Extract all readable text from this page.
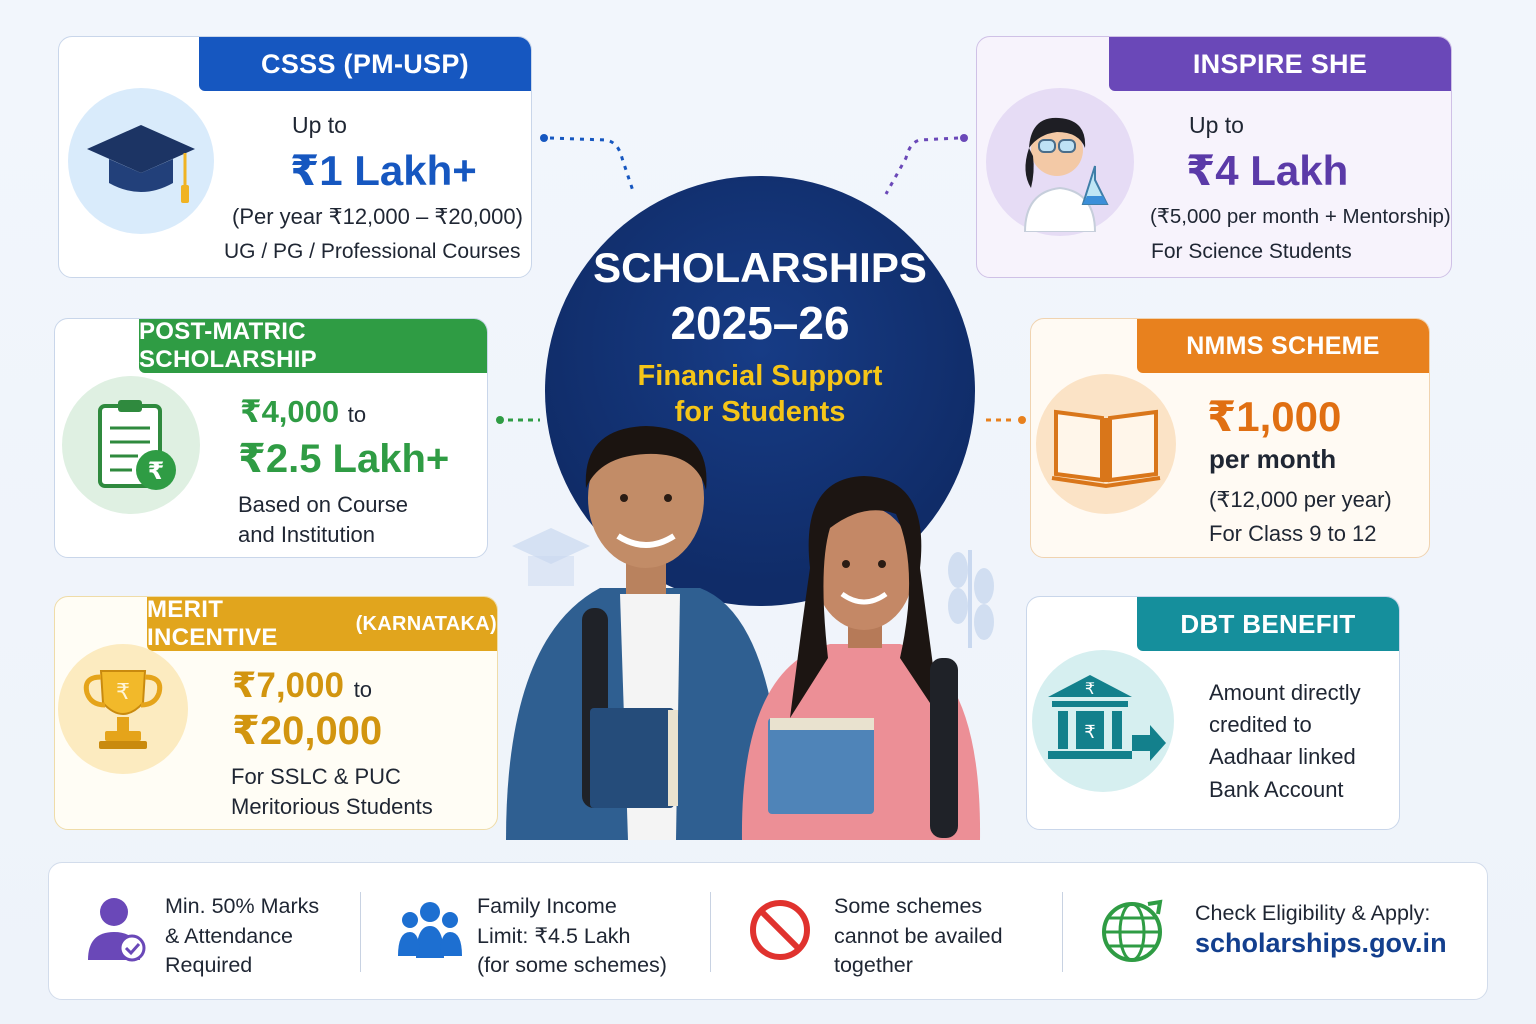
CSSS (PM-USP)
Up to
₹1 Lakh+
(Per year ₹12,000 – ₹20,000)
UG / PG / Professional Courses
INSPIRE SHE
Up to
₹4 Lakh
(₹5,000 per month + Mentorship)
For Science Students
POST-MATRIC SCHOLARSHIP
₹
₹4,000 to
₹2.5 Lakh+
Based on Course
and Institution
NMMS SCHEME
₹1,000
per month
(₹12,000 per year)
For Class 9 to 12
MERIT INCENTIVE
(KARNATAKA)
₹	₹7,000 to
₹20,000
For SSLC & PUC
Meritorious Students
DBT BENEFIT
₹
₹
Amount directly
credited to
Aadhaar linked
Bank Account
SCHOLARSHIPS
2025–26
Financial Support
for Students
Min. 50% Marks
& Attendance
Required
Family Income
Limit: ₹4.5 Lakh
(for some schemes)
Some schemes
cannot be availed
together
Check Eligibility & Apply:
scholarships.gov.in
